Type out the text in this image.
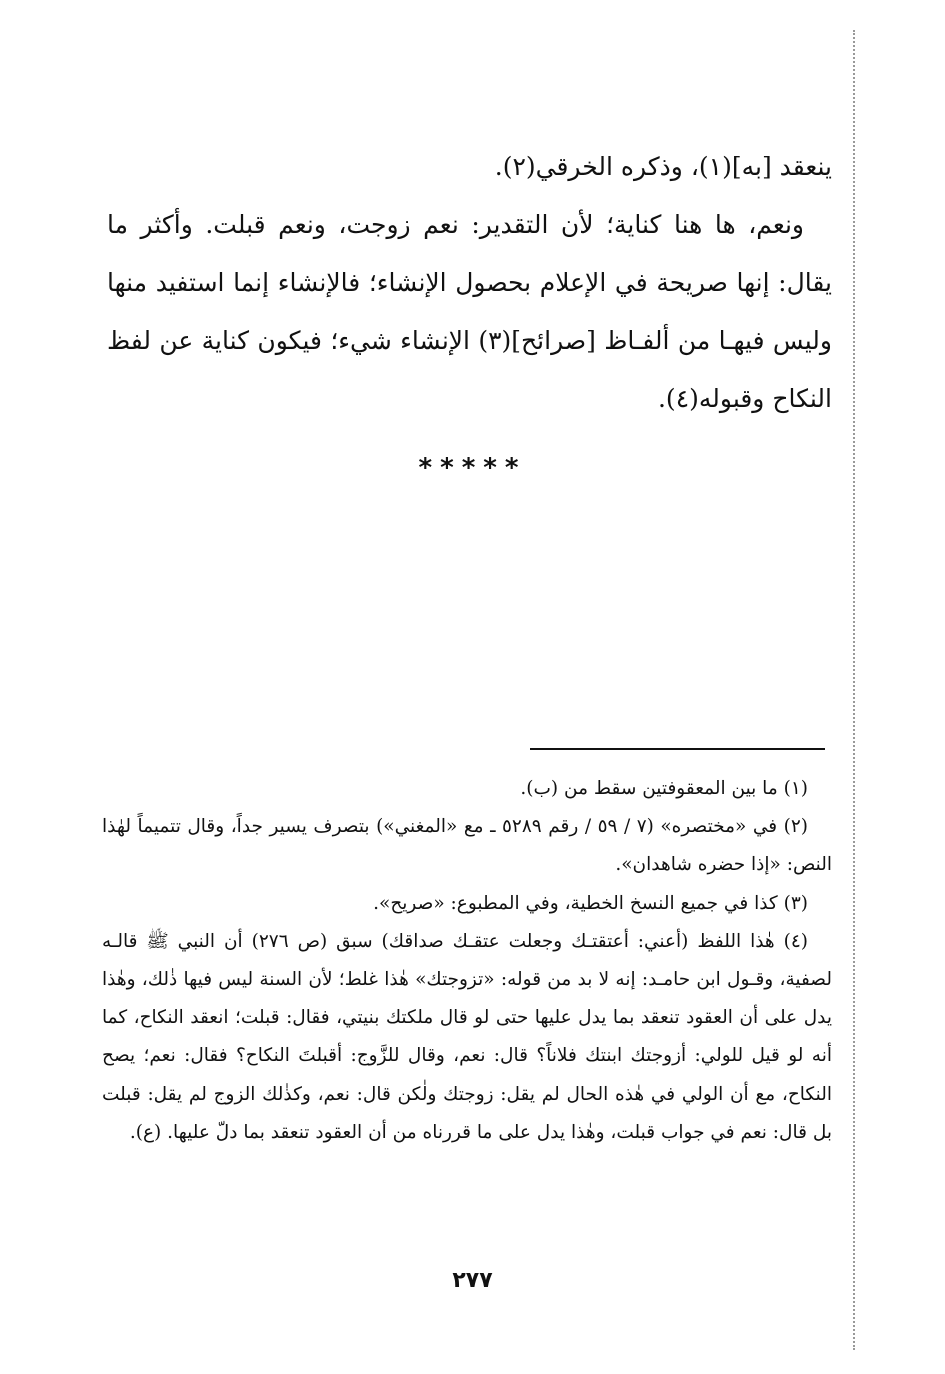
ينعقد [به](١)، وذكره الخرقي(٢).

ونعم، ها هنا كناية؛ لأن التقدير: نعم زوجت، ونعم قبلت. وأكثر ما يقال: إنها صريحة في الإعلام بحصول الإنشاء؛ فالإنشاء إنما استفيد منها وليس فيهـا من ألفـاظ [صرائح](٣) الإنشاء شيء؛ فيكون كناية عن لفظ النكاح وقبوله(٤).

*****

(١) ما بين المعقوفتين سقط من (ب).

(٢) في «مختصره» (٧ / ٥٩ / رقم ٥٢٨٩ ـ مع «المغني») بتصرف يسير جداً، وقال تتميماً لهٰذا النص: «إذا حضره شاهدان».

(٣) كذا في جميع النسخ الخطية، وفي المطبوع: «صريح».

(٤) هٰذا اللفظ (أعني: أعتقتـك وجعلت عتقـك صداقك) سبق (ص ٢٧٦) أن النبي ﷺ قالـه لصفية، وقـول ابن حامـد: إنه لا بد من قوله: «تزوجتك» هٰذا غلط؛ لأن السنة ليس فيها ذٰلك، وهٰذا يدل على أن العقود تنعقد بما يدل عليها حتى لو قال ملكتك بنيتي، فقال: قبلت؛ انعقد النكاح، كما أنه لو قيل للولي: أزوجتك ابنتك فلاناً؟ قال: نعم، وقال للزَّوج: أقبلتَ النكاح؟ فقال: نعم؛ يصح النكاح، مع أن الولي في هٰذه الحال لم يقل: زوجتك ولٰكن قال: نعم، وكذٰلك الزوج لم يقل: قبلت بل قال: نعم في جواب قبلت، وهٰذا يدل على ما قررناه من أن العقود تنعقد بما دلّ عليها. (ع).

٢٧٧
